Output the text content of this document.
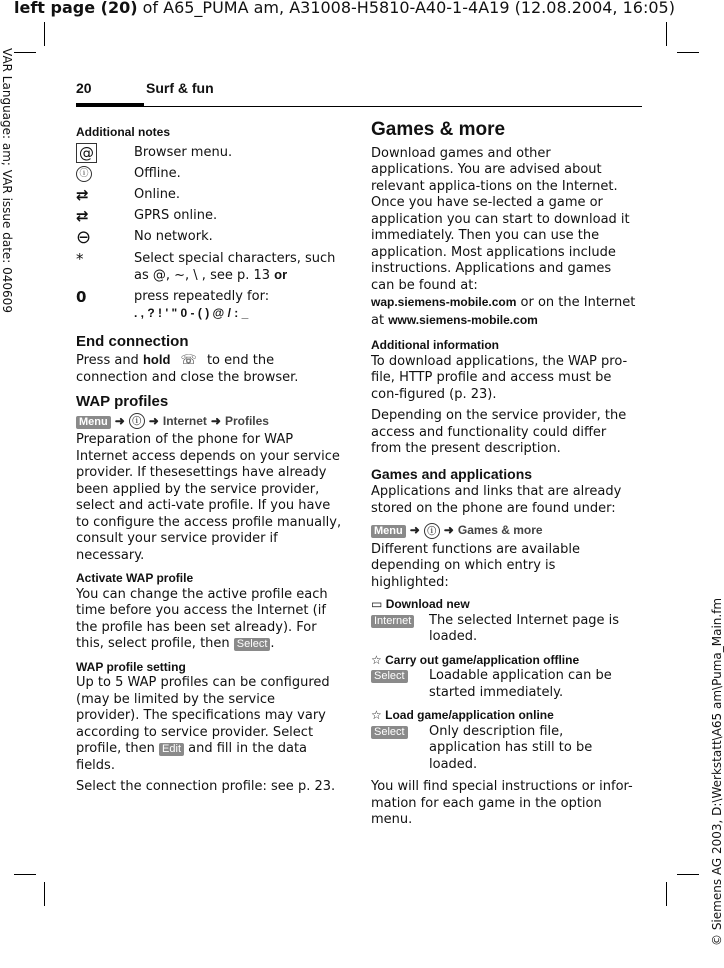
left page (20) of A65_PUMA am, A31008-H5810-A40-1-4A19 (12.08.2004, 16:05)
VAR Language: am; VAR issue date: 040609
© Siemens AG 2003, D:\Werkstatt\A65 am\Puma_Main.fm
20	Surf & fun
Additional notes
@	Browser menu.
ⓘ	Offline.
⇄	Online.
⇄	GPRS online.
⊖	No network.
*	Select special characters, such as @, ~, \ , see p. 13 or
0	press repeatedly for:
. , ? ! ' " 0 - ( ) @ / : _
End connection

Press and hold ☏ to end the connection and close the browser.

WAP profiles
Menu ➜ ⓘ ➜ Internet ➜ Profiles

Preparation of the phone for WAP Internet access depends on your service provider. If thesesettings have already been applied by the service provider, select and acti-vate profile. If you have to configure the access profile manually, consult your service provider if necessary.

Activate WAP profile

You can change the active profile each time before you access the Internet (if the profile has been set already). For this, select profile, then Select .

WAP profile setting

Up to 5 WAP profiles can be configured (may be limited by the service provider). The specifications may vary according to service provider. Select profile, then Edit and fill in the data fields.

Select the connection profile: see p. 23.

Games & more

Download games and other applications. You are advised about relevant applica-tions on the Internet. Once you have se-lected a game or application you can start to download it immediately. Then you can use the application. Most applications include instructions. Applications and games can be found at:
wap.siemens-mobile.com or on the Internet at www.siemens-mobile.com

Additional information

To download applications, the WAP pro-file, HTTP profile and access must be con-figured (p. 23).

Depending on the service provider, the access and functionality could differ from the present description.

Games and applications

Applications and links that are already stored on the phone are found under:

Menu ➜ ⓘ ➜ Games & more

Different functions are available depending on which entry is highlighted:

▭ Download new
Internet	The selected Internet page is loaded.
☆ Carry out game/application offline
Select	Loadable application can be started immediately.
☆ Load game/application online
Select	Only description file, application has still to be loaded.

You will find special instructions or infor-mation for each game in the option menu.
